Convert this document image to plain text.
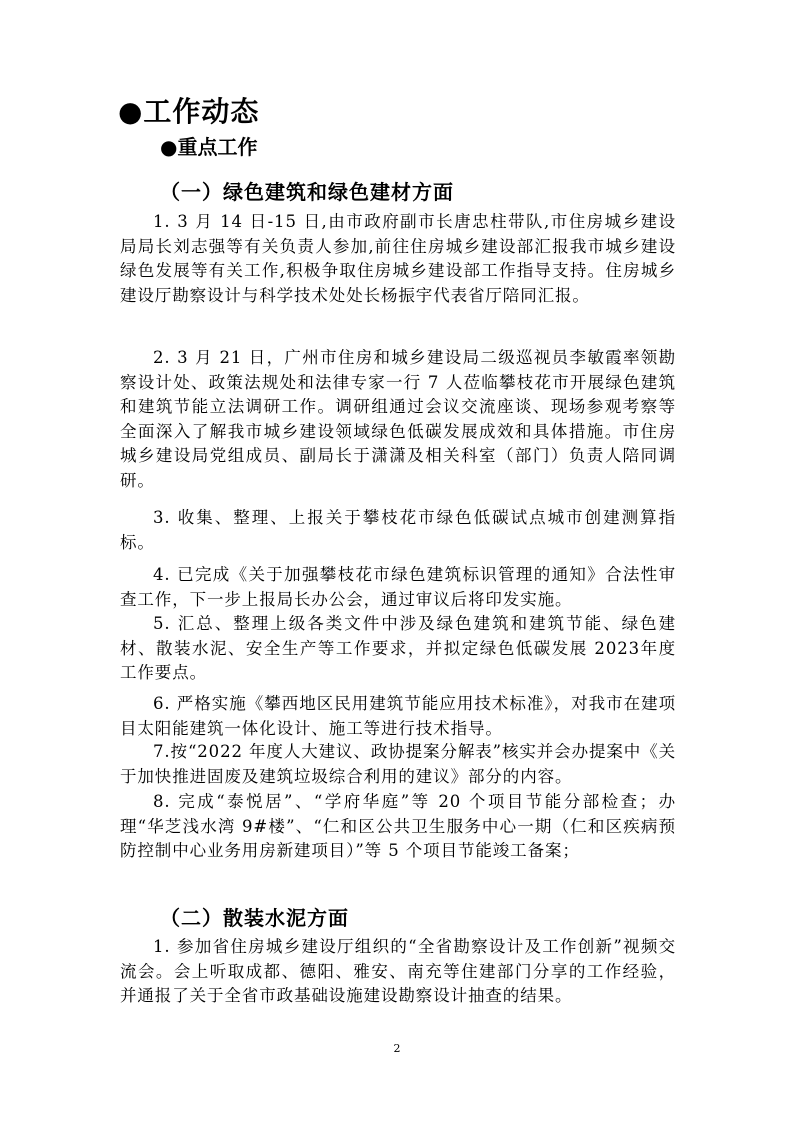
●工作动态
●重点工作
（一）绿色建筑和绿色建材方面

1. 3 月 14 日-15 日,由市政府副市长唐忠柱带队,市住房城乡建设局局长刘志强等有关负责人参加,前往住房城乡建设部汇报我市城乡建设绿色发展等有关工作,积极争取住房城乡建设部工作指导支持。住房城乡建设厅勘察设计与科学技术处处长杨振宇代表省厅陪同汇报。

2. 3 月 21 日，广州市住房和城乡建设局二级巡视员李敏霞率领勘察设计处、政策法规处和法律专家一行 7 人莅临攀枝花市开展绿色建筑和建筑节能立法调研工作。调研组通过会议交流座谈、现场参观考察等全面深入了解我市城乡建设领域绿色低碳发展成效和具体措施。市住房城乡建设局党组成员、副局长于潇潇及相关科室（部门）负责人陪同调研。

3. 收集、整理、上报关于攀枝花市绿色低碳试点城市创建测算指标。

4. 已完成《关于加强攀枝花市绿色建筑标识管理的通知》合法性审查工作，下一步上报局长办公会，通过审议后将印发实施。

5. 汇总、整理上级各类文件中涉及绿色建筑和建筑节能、绿色建材、散装水泥、安全生产等工作要求，并拟定绿色低碳发展 2023年度工作要点。

6. 严格实施《攀西地区民用建筑节能应用技术标准》，对我市在建项目太阳能建筑一体化设计、施工等进行技术指导。

7.按“2022 年度人大建议、政协提案分解表”核实并会办提案中《关于加快推进固废及建筑垃圾综合利用的建议》部分的内容。

8. 完成“泰悦居”、“学府华庭”等 20 个项目节能分部检查；办理“华芝浅水湾 9#楼”、“仁和区公共卫生服务中心一期（仁和区疾病预防控制中心业务用房新建项目）”等 5 个项目节能竣工备案；

（二）散装水泥方面

1. 参加省住房城乡建设厅组织的“全省勘察设计及工作创新”视频交流会。会上听取成都、德阳、雅安、南充等住建部门分享的工作经验，并通报了关于全省市政基础设施建设勘察设计抽查的结果。

2
